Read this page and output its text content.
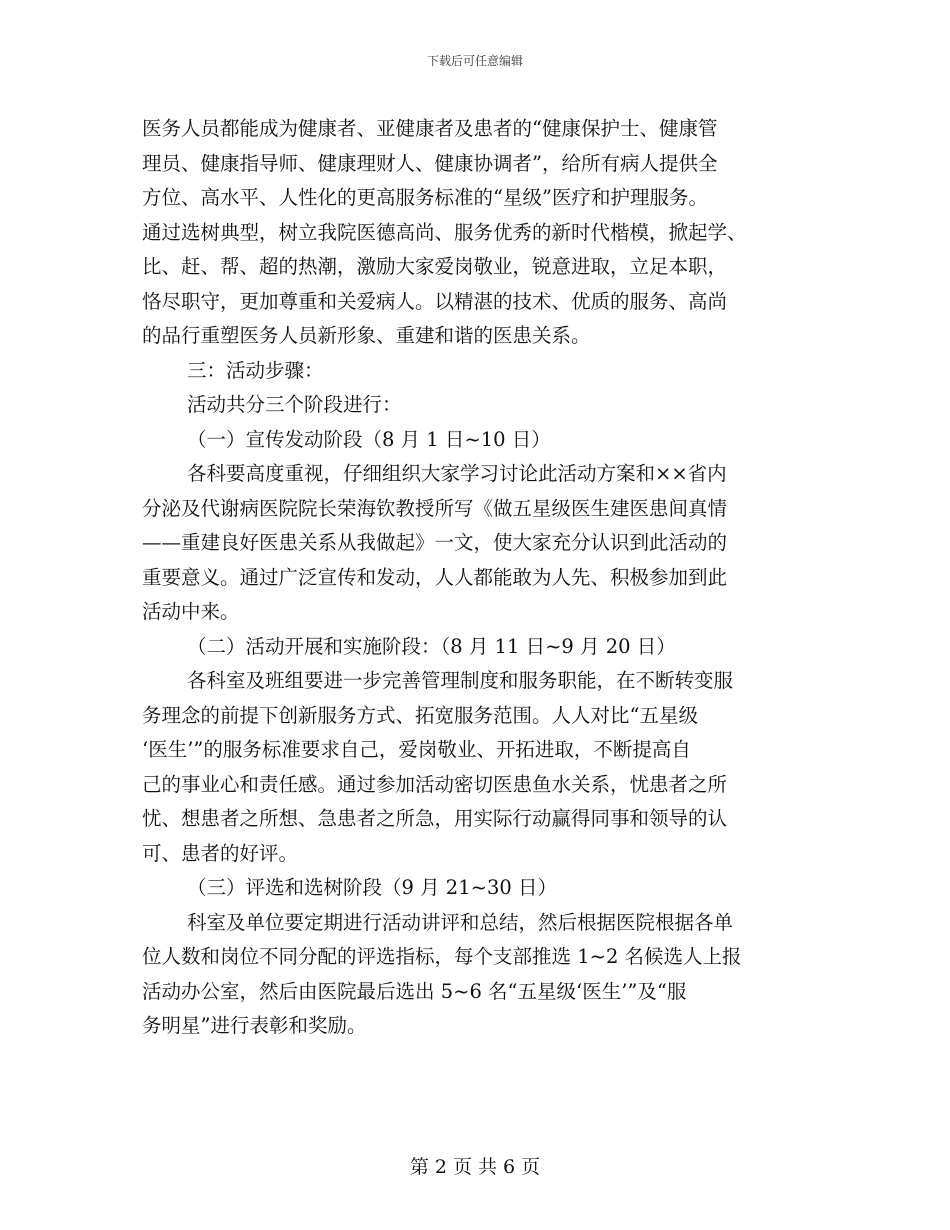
下载后可任意编辑
医务人员都能成为健康者、亚健康者及患者的“健康保护士、健康管
理员、健康指导师、健康理财人、健康协调者”，给所有病人提供全
方位、高水平、人性化的更高服务标准的“星级”医疗和护理服务。
通过选树典型，树立我院医德高尚、服务优秀的新时代楷模，掀起学、
比、赶、帮、超的热潮，激励大家爱岗敬业，锐意进取，立足本职，
恪尽职守，更加尊重和关爱病人。以精湛的技术、优质的服务、高尚
的品行重塑医务人员新形象、重建和谐的医患关系。
三：活动步骤：
活动共分三个阶段进行：
（一）宣传发动阶段（8 月 1 日~10 日）
各科要高度重视，仔细组织大家学习讨论此活动方案和××省内
分泌及代谢病医院院长荣海钦教授所写《做五星级医生建医患间真情
——重建良好医患关系从我做起》一文，使大家充分认识到此活动的
重要意义。通过广泛宣传和发动，人人都能敢为人先、积极参加到此
活动中来。
（二）活动开展和实施阶段：（8 月 11 日~9 月 20 日）
各科室及班组要进一步完善管理制度和服务职能，在不断转变服
务理念的前提下创新服务方式、拓宽服务范围。人人对比“五星级
‘医生’”的服务标准要求自己，爱岗敬业、开拓进取，不断提高自
己的事业心和责任感。通过参加活动密切医患鱼水关系，忧患者之所
忧、想患者之所想、急患者之所急，用实际行动赢得同事和领导的认
可、患者的好评。
（三）评选和选树阶段（9 月 21~30 日）
科室及单位要定期进行活动讲评和总结，然后根据医院根据各单
位人数和岗位不同分配的评选指标，每个支部推选 1~2 名候选人上报
活动办公室，然后由医院最后选出 5~6 名“五星级‘医生’”及“服
务明星”进行表彰和奖励。
第 2 页 共 6 页
